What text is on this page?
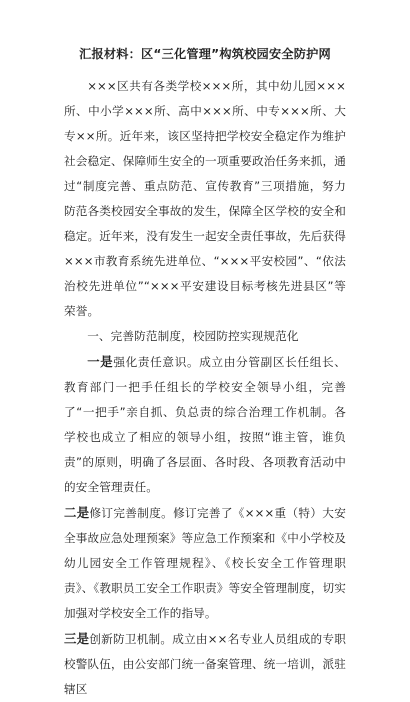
汇报材料：区“三化管理”构筑校园安全防护网

×××区共有各类学校×××所，其中幼儿园×××所、中小学×××所、高中×××所、中专×××所、大专××所。近年来，该区坚持把学校安全稳定作为维护社会稳定、保障师生安全的一项重要政治任务来抓，通过“制度完善、重点防范、宣传教育”三项措施，努力防范各类校园安全事故的发生，保障全区学校的安全和稳定。近年来，没有发生一起安全责任事故，先后获得×××市教育系统先进单位、“×××平安校园”、“依法治校先进单位”“×××平安建设目标考核先进县区”等荣誉。

一、完善防范制度，校园防控实现规范化

一是强化责任意识。成立由分管副区长任组长、教育部门一把手任组长的学校安全领导小组，完善了“一把手”亲自抓、负总责的综合治理工作机制。各学校也成立了相应的领导小组，按照“谁主管，谁负责”的原则，明确了各层面、各时段、各项教育活动中的安全管理责任。

二是修订完善制度。修订完善了《×××重（特）大安全事故应急处理预案》等应急工作预案和《中小学校及幼儿园安全工作管理规程》、《校长安全工作管理职责》、《教职员工安全工作职责》等安全管理制度，切实加强对学校安全工作的指导。

三是创新防卫机制。成立由××名专业人员组成的专职校警队伍，由公安部门统一备案管理、统一培训，派驻辖区
